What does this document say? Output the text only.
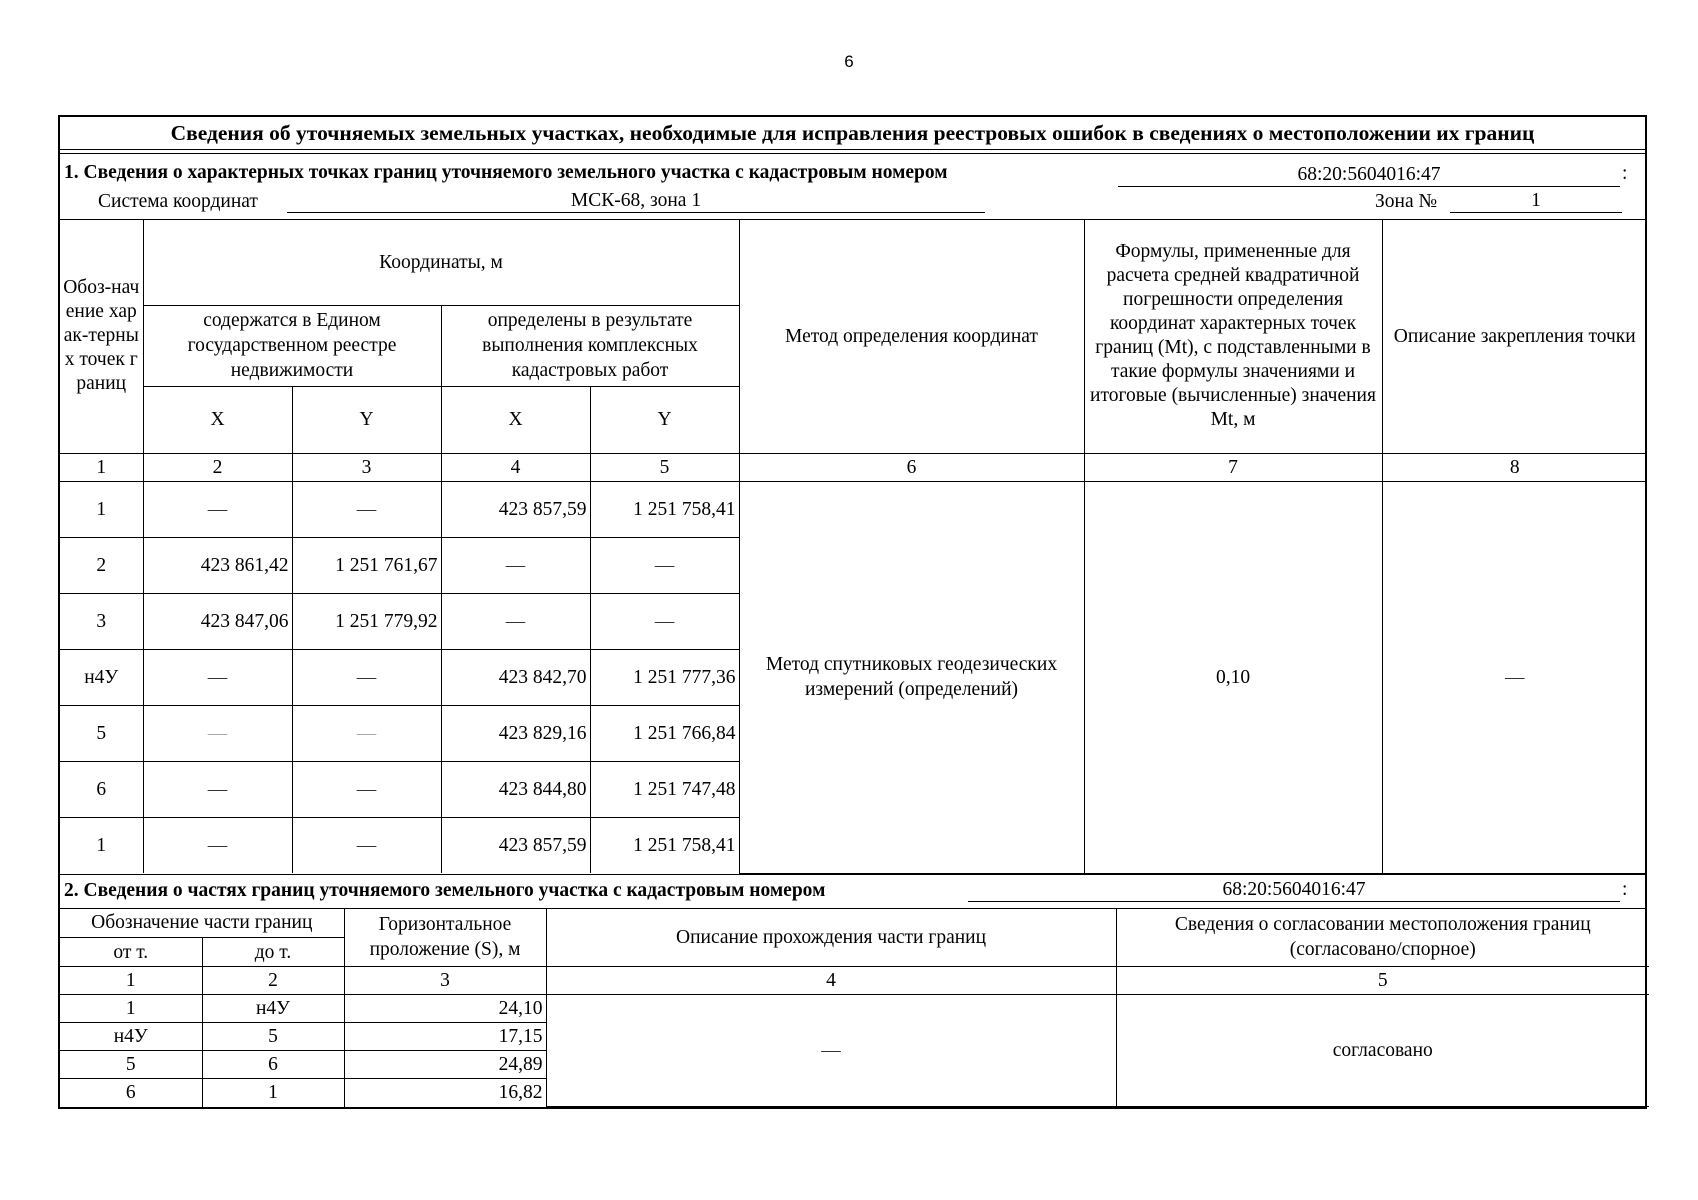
6
Сведения об уточняемых земельных участках, необходимые для исправления реестровых ошибок в сведениях о местоположении их границ
1. Сведения о характерных точках границ уточняемого земельного участка с кадастровым номером	68:20:5604016:47	:
Система координат	МСК-68, зона 1	Зона №	1
Обоз-начение харак-терных точек границ	Координаты, м				Метод определения координат	Формулы, примененные для расчета средней квадратичной погрешности определения координат характерных точек границ (Mt), с подставленными в такие формулы значениями и итоговые (вычисленные) значения Mt, м	Описание закрепления точки
	содержатся в Едином государственном реестре недвижимости		определены в результате выполнения комплексных кадастровых работ				
	X	Y	X	Y			
1	2	3	4	5	6	7	8
1	—	—	423 857,59	1 251 758,41	Метод спутниковых геодезических измерений (определений)	0,10	—
2	423 861,42	1 251 761,67	—	—			
3	423 847,06	1 251 779,92	—	—			
н4У	—	—	423 842,70	1 251 777,36			
5	—	—	423 829,16	1 251 766,84			
6	—	—	423 844,80	1 251 747,48			
1	—	—	423 857,59	1 251 758,41			
2. Сведения о частях границ уточняемого земельного участка с кадастровым номером	68:20:5604016:47	:
Обозначение части границ		Горизонтальное проложение (S), м	Описание прохождения части границ	Сведения о согласовании местоположения границ (согласовано/спорное)
от т.	до т.			
1	2	3	4	5
1	н4У	24,10	—	согласовано
н4У	5	17,15		
5	6	24,89		
6	1	16,82		
